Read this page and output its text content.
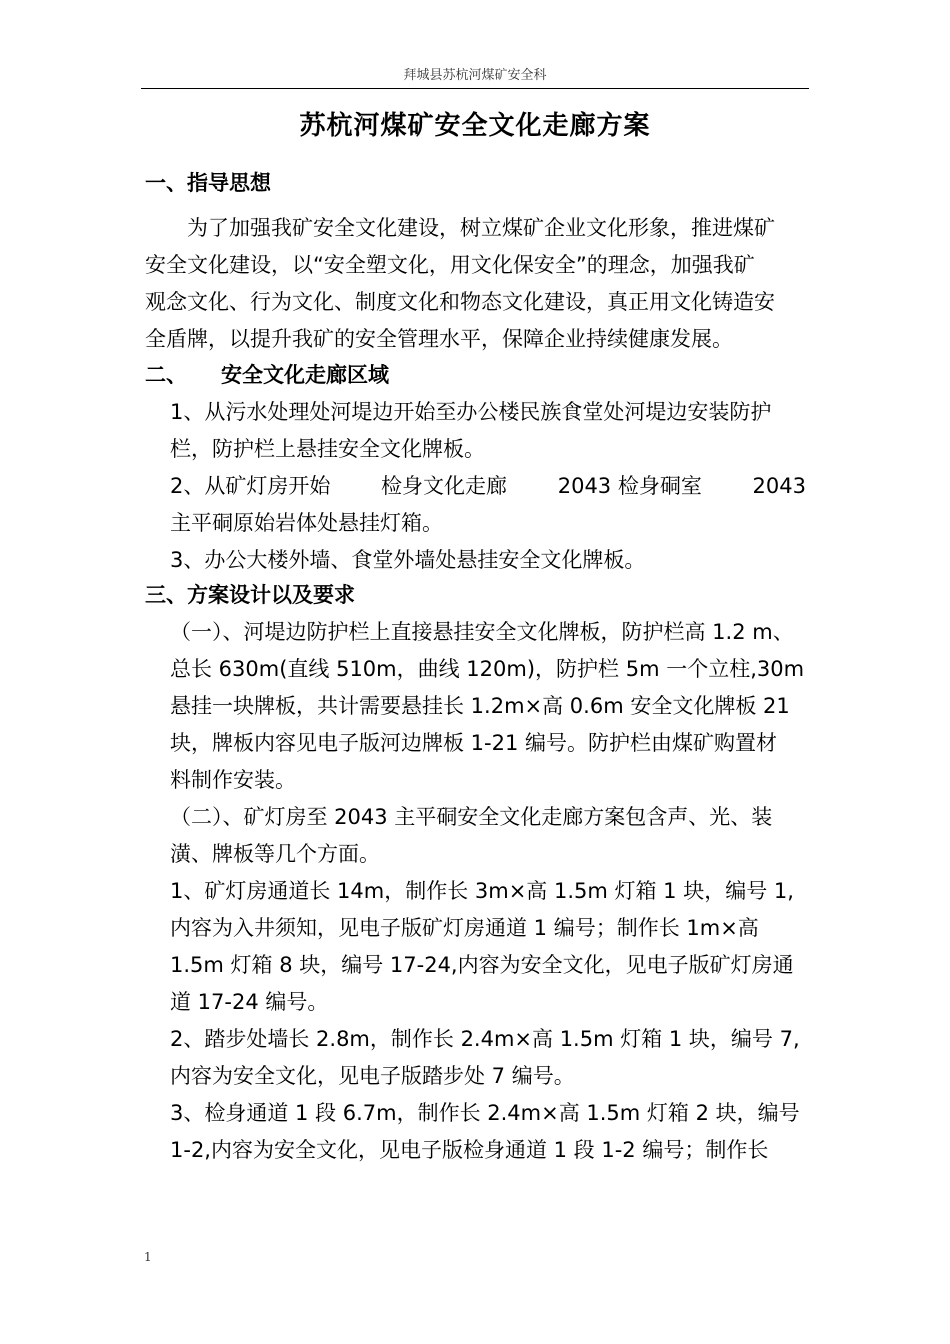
拜城县苏杭河煤矿安全科
苏杭河煤矿安全文化走廊方案
一、指导思想
为了加强我矿安全文化建设，树立煤矿企业文化形象，推进煤矿
安全文化建设，以“安全塑文化，用文化保安全”的理念，加强我矿
观念文化、行为文化、制度文化和物态文化建设，真正用文化铸造安
全盾牌，以提升我矿的安全管理水平，保障企业持续健康发展。
二、 安全文化走廊区域
1、从污水处理处河堤边开始至办公楼民族食堂处河堤边安装防护
栏，防护栏上悬挂安全文化牌板。
2、从矿灯房开始 检身文化走廊 2043 检身硐室 2043
主平硐原始岩体处悬挂灯箱。
3、办公大楼外墙、食堂外墙处悬挂安全文化牌板。
三、方案设计以及要求
（一）、河堤边防护栏上直接悬挂安全文化牌板，防护栏高 1.2 m、
总长 630m(直线 510m，曲线 120m)，防护栏 5m 一个立柱,30m
悬挂一块牌板，共计需要悬挂长 1.2m×高 0.6m 安全文化牌板 21
块，牌板内容见电子版河边牌板 1-21 编号。防护栏由煤矿购置材
料制作安装。
（二）、矿灯房至 2043 主平硐安全文化走廊方案包含声、光、装
潢、牌板等几个方面。
1、矿灯房通道长 14m，制作长 3m×高 1.5m 灯箱 1 块，编号 1,
内容为入井须知，见电子版矿灯房通道 1 编号；制作长 1m×高
1.5m 灯箱 8 块，编号 17-24,内容为安全文化，见电子版矿灯房通
道 17-24 编号。
2、踏步处墙长 2.8m，制作长 2.4m×高 1.5m 灯箱 1 块，编号 7,
内容为安全文化，见电子版踏步处 7 编号。
3、检身通道 1 段 6.7m，制作长 2.4m×高 1.5m 灯箱 2 块，编号
1-2,内容为安全文化，见电子版检身通道 1 段 1-2 编号；制作长
1
